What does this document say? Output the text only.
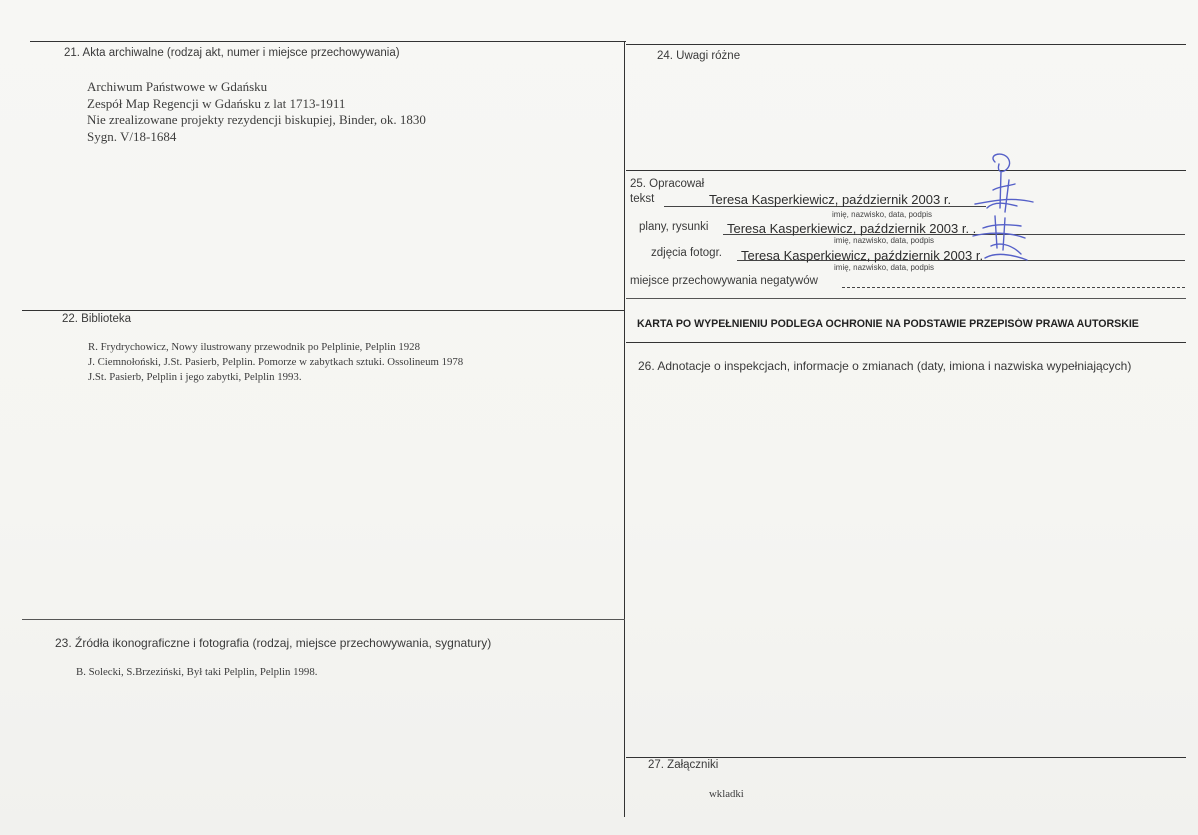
21. Akta archiwalne (rodzaj akt, numer i miejsce przechowywania)
Archiwum Państwowe w Gdańsku
Zespół Map Regencji w Gdańsku z lat 1713-1911
Nie zrealizowane projekty rezydencji biskupiej, Binder, ok. 1830
Sygn. V/18-1684
22. Biblioteka
R. Frydrychowicz, Nowy ilustrowany przewodnik po Pelplinie, Pelplin 1928
J. Ciemnołoński, J.St. Pasierb, Pelplin. Pomorze w zabytkach sztuki. Ossolineum 1978
J.St. Pasierb, Pelplin i jego zabytki, Pelplin 1993.
23. Źródła ikonograficzne i fotografia (rodzaj, miejsce przechowywania, sygnatury)
B. Solecki, S.Brzeziński, Był taki Pelplin, Pelplin 1998.
24. Uwagi różne
25. Opracował
tekst	Teresa Kasperkiewicz, październik 2003 r.
imię, nazwisko, data, podpis
plany, rysunki Teresa Kasperkiewicz, październik 2003 r. .
imię, nazwisko, data, podpis
zdjęcia fotogr. Teresa Kasperkiewicz, październik 2003 r.
imię, nazwisko, data, podpis
miejsce przechowywania negatywów
KARTA PO WYPEŁNIENIU PODLEGA OCHRONIE NA PODSTAWIE PRZEPISÓW PRAWA AUTORSKIE
26. Adnotacje o inspekcjach, informacje o zmianach (daty, imiona i nazwiska wypełniających)
27. Załączniki
wkladki
